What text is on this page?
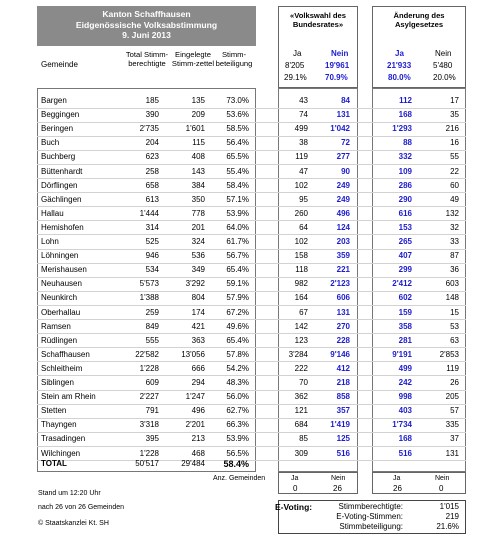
Kanton Schaffhausen
Eidgenössische Volksabstimmung
9. Juni 2013
Gemeinde
Total Stimm-berechtigte
Eingelegte Stimm-zettel
Stimm-beteiligung
«Volkswahl des Bundesrates»
Ja	Nein
8'205	19'961
29.1% 70.9%
Änderung des Asylgesetzes
Ja	Nein
21'933	5'480
80.0%	20.0%
Bargen	185	135	73.0%	43	84	112	17
Beggingen	390	209	53.6%	74	131	168	35
Beringen	2'735	1'601	58.5%	499	1'042	1'293	216
Buch	204	115	56.4%	38	72	88	16
Buchberg	623	408	65.5%	119	277	332	55
Büttenhardt	258	143	55.4%	47	90	109	22
Dörflingen	658	384	58.4%	102	249	286	60
Gächlingen	613	350	57.1%	95	249	290	49
Hallau	1'444	778	53.9%	260	496	616	132
Hemishofen	314	201	64.0%	64	124	153	32
Lohn	525	324	61.7%	102	203	265	33
Löhningen	946	536	56.7%	158	359	407	87
Merishausen	534	349	65.4%	118	221	299	36
Neuhausen	5'573	3'292	59.1%	982	2'123	2'412	603
Neunkirch	1'388	804	57.9%	164	606	602	148
Oberhallau	259	174	67.2%	67	131	159	15
Ramsen	849	421	49.6%	142	270	358	53
Rüdlingen	555	363	65.4%	123	228	281	63
Schaffhausen	22'582	13'056	57.8%	3'284	9'146	9'191	2'853
Schleitheim	1'228	666	54.2%	222	412	499	119
Siblingen	609	294	48.3%	70	218	242	26
Stein am Rhein	2'227	1'247	56.0%	362	858	998	205
Stetten	791	496	62.7%	121	357	403	57
Thayngen	3'318	2'201	66.3%	684	1'419	1'734	335
Trasadingen	395	213	53.9%	85	125	168	37
Wilchingen	1'228	468	56.5%	309	516	516	131
TOTAL	50'517	29'484	58.4%
Anz. Gemeinden	Ja	Nein
0	26
Ja	Nein
26	0
Stand um 12:20 Uhr
nach 26 von 26 Gemeinden
© Staatskanzlei Kt. SH
E-Voting:	Stimmberechtigte:	1'015
E-Voting-Stimmen:	219
Stimmbeteiligung:	21.6%
